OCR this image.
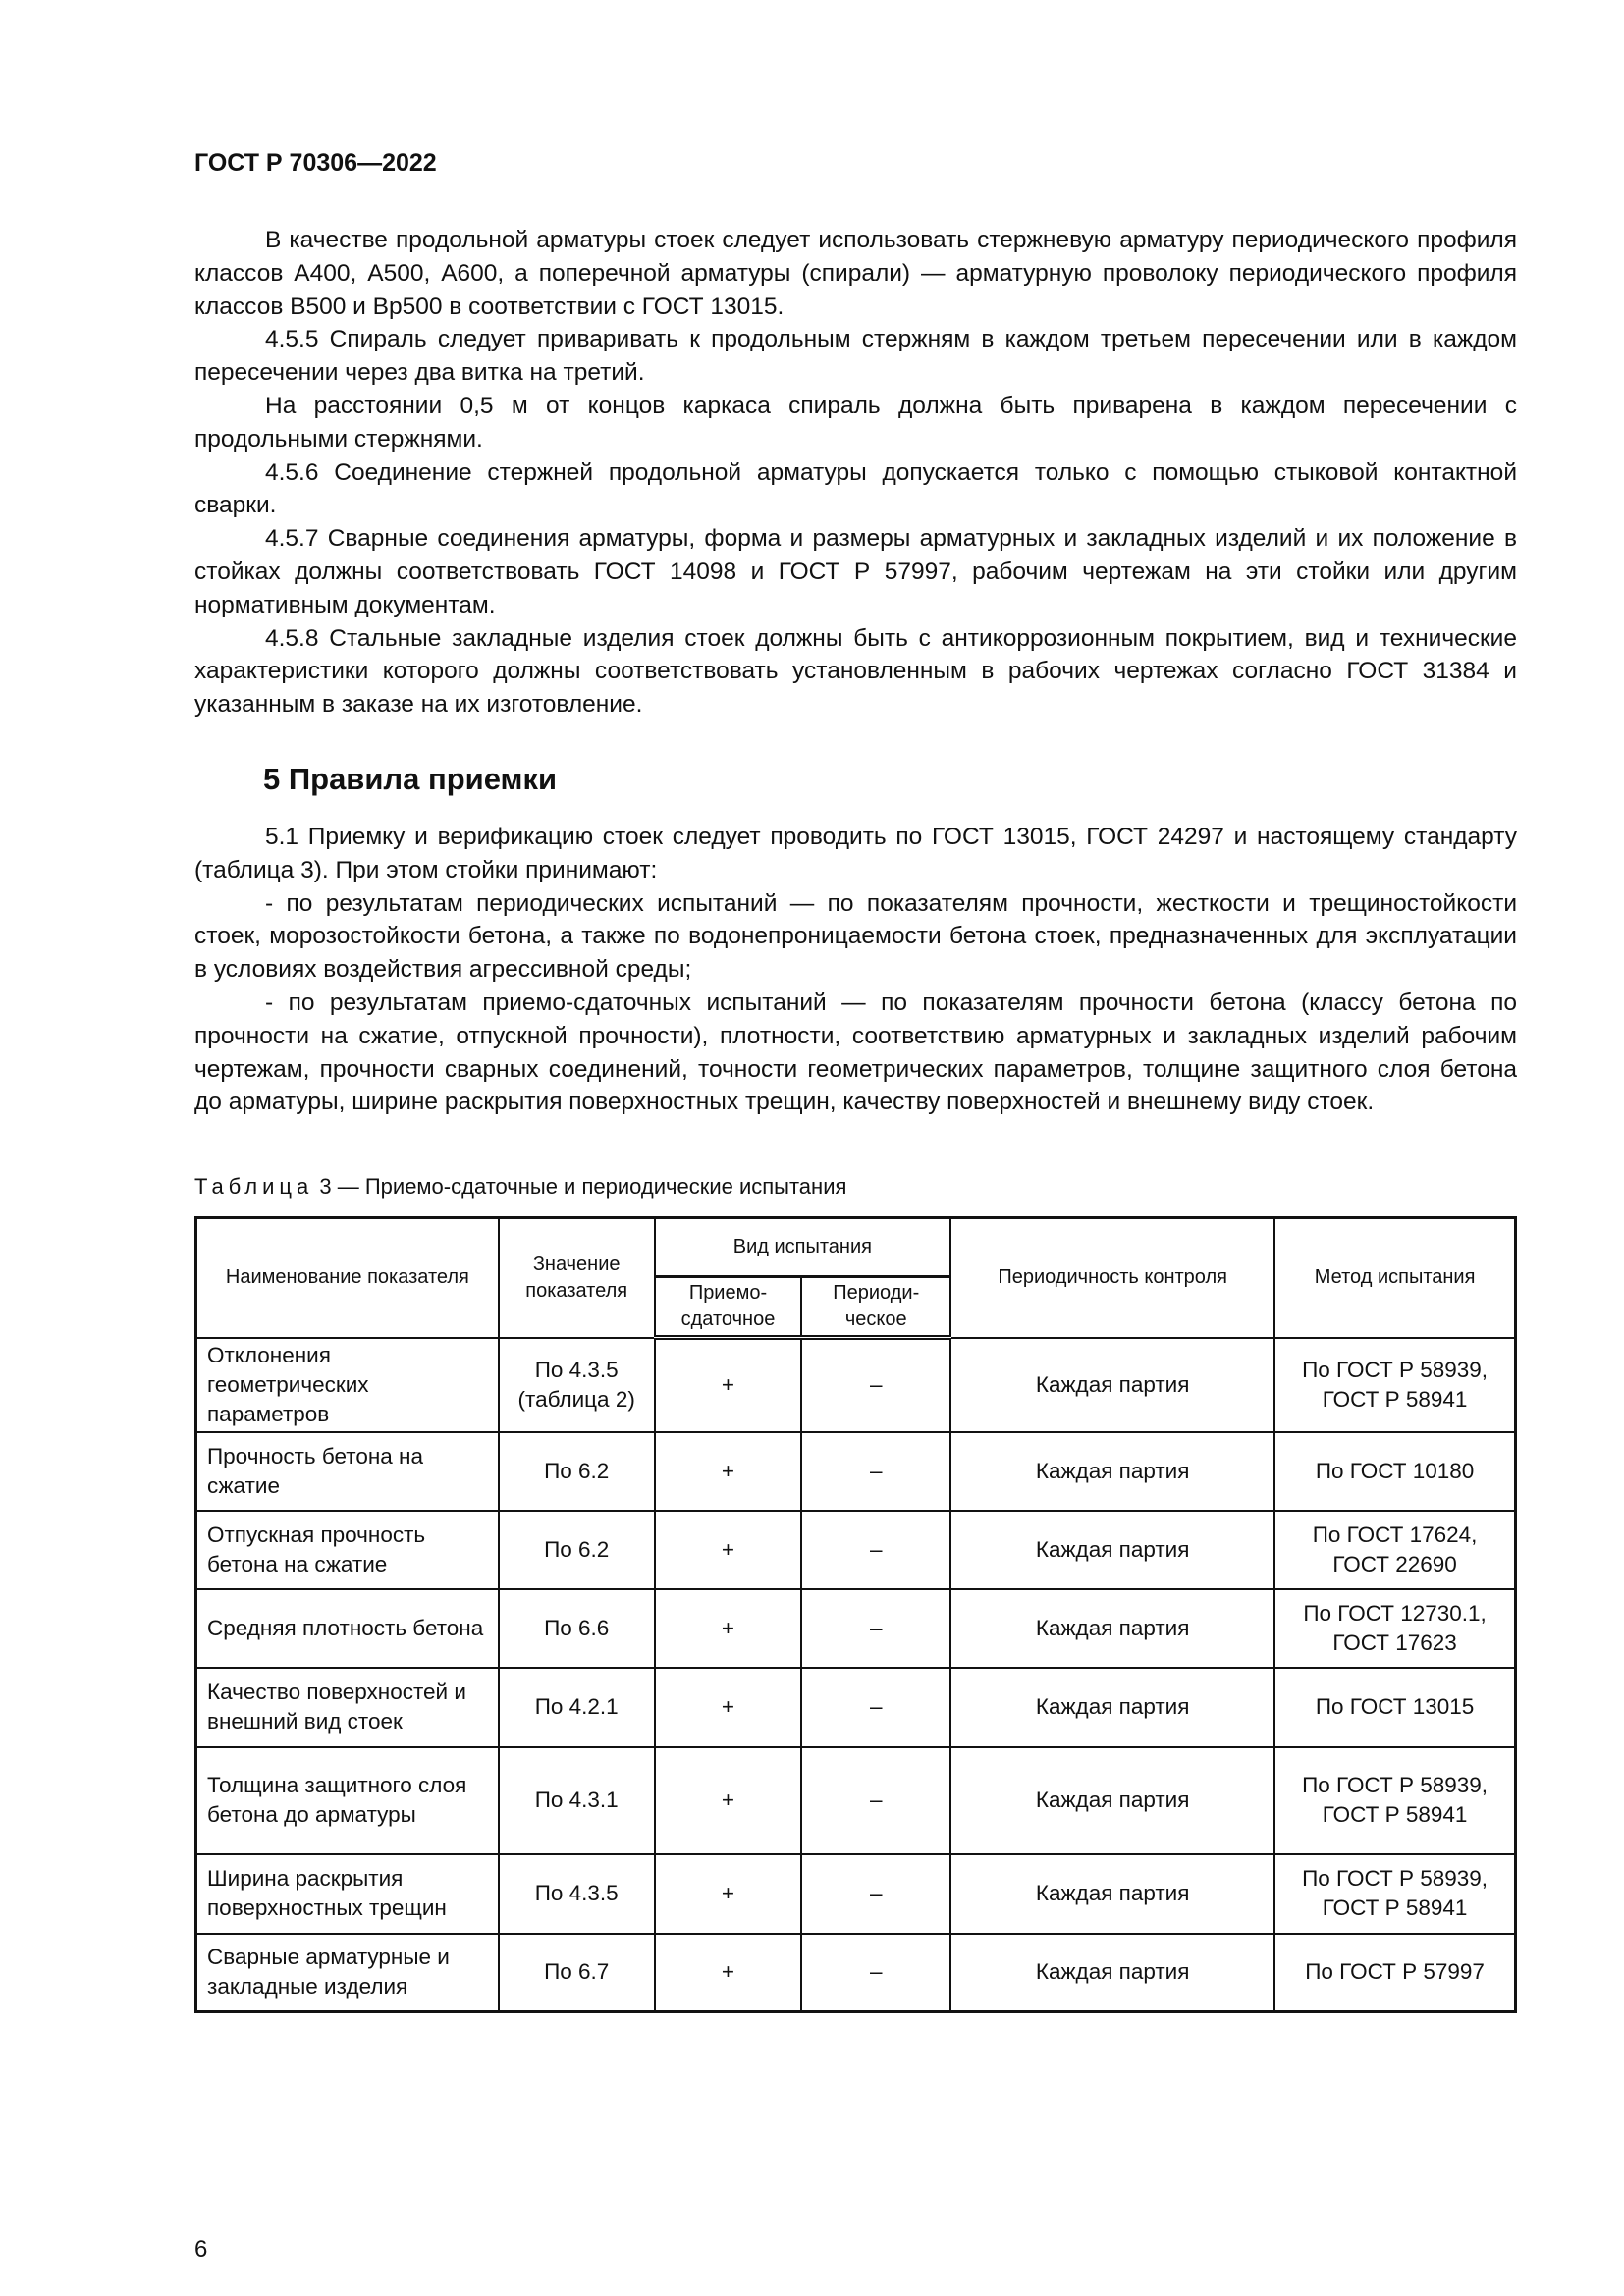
ГОСТ Р 70306—2022

В качестве продольной арматуры стоек следует использовать стержневую арматуру периодического профиля классов А400, А500, А600, а поперечной арматуры (спирали) — арматурную проволоку периодического профиля классов В500 и Вр500 в соответствии с ГОСТ 13015.

4.5.5 Спираль следует приваривать к продольным стержням в каждом третьем пересечении или в каждом пересечении через два витка на третий.

На расстоянии 0,5 м от концов каркаса спираль должна быть приварена в каждом пересечении с продольными стержнями.

4.5.6 Соединение стержней продольной арматуры допускается только с помощью стыковой контактной сварки.

4.5.7 Сварные соединения арматуры, форма и размеры арматурных и закладных изделий и их положение в стойках должны соответствовать ГОСТ 14098 и ГОСТ Р 57997, рабочим чертежам на эти стойки или другим нормативным документам.

4.5.8 Стальные закладные изделия стоек должны быть с антикоррозионным покрытием, вид и технические характеристики которого должны соответствовать установленным в рабочих чертежах согласно ГОСТ 31384 и указанным в заказе на их изготовление.

5 Правила приемки

5.1 Приемку и верификацию стоек следует проводить по ГОСТ 13015, ГОСТ 24297 и настоящему стандарту (таблица 3). При этом стойки принимают:

- по результатам периодических испытаний — по показателям прочности, жесткости и трещиностойкости стоек, морозостойкости бетона, а также по водонепроницаемости бетона стоек, предназначенных для эксплуатации в условиях воздействия агрессивной среды;

- по результатам приемо-сдаточных испытаний — по показателям прочности бетона (классу бетона по прочности на сжатие, отпускной прочности), плотности, соответствию арматурных и закладных изделий рабочим чертежам, прочности сварных соединений, точности геометрических параметров, толщине защитного слоя бетона до арматуры, ширине раскрытия поверхностных трещин, качеству поверхностей и внешнему виду стоек.

Таблица 3 — Приемо-сдаточные и периодические испытания
Наименование показателя	Значение показателя	Вид испытания		Периодичность контроля	Метод испытания
		Приемо-сдаточное	Периоди-ческое		
Отклонения геометрических параметров	По 4.3.5 (таблица 2)	+	–	Каждая партия	По ГОСТ Р 58939, ГОСТ Р 58941
Прочность бетона на сжатие	По 6.2	+	–	Каждая партия	По ГОСТ 10180
Отпускная прочность бетона на сжатие	По 6.2	+	–	Каждая партия	По ГОСТ 17624, ГОСТ 22690
Средняя плотность бетона	По 6.6	+	–	Каждая партия	По ГОСТ 12730.1, ГОСТ 17623
Качество поверхностей и внешний вид стоек	По 4.2.1	+	–	Каждая партия	По ГОСТ 13015
Толщина защитного слоя бетона до арматуры	По 4.3.1	+	–	Каждая партия	По ГОСТ Р 58939, ГОСТ Р 58941
Ширина раскрытия поверхностных трещин	По 4.3.5	+	–	Каждая партия	По ГОСТ Р 58939, ГОСТ Р 58941
Сварные арматурные и закладные изделия	По 6.7	+	–	Каждая партия	По ГОСТ Р 57997
6
